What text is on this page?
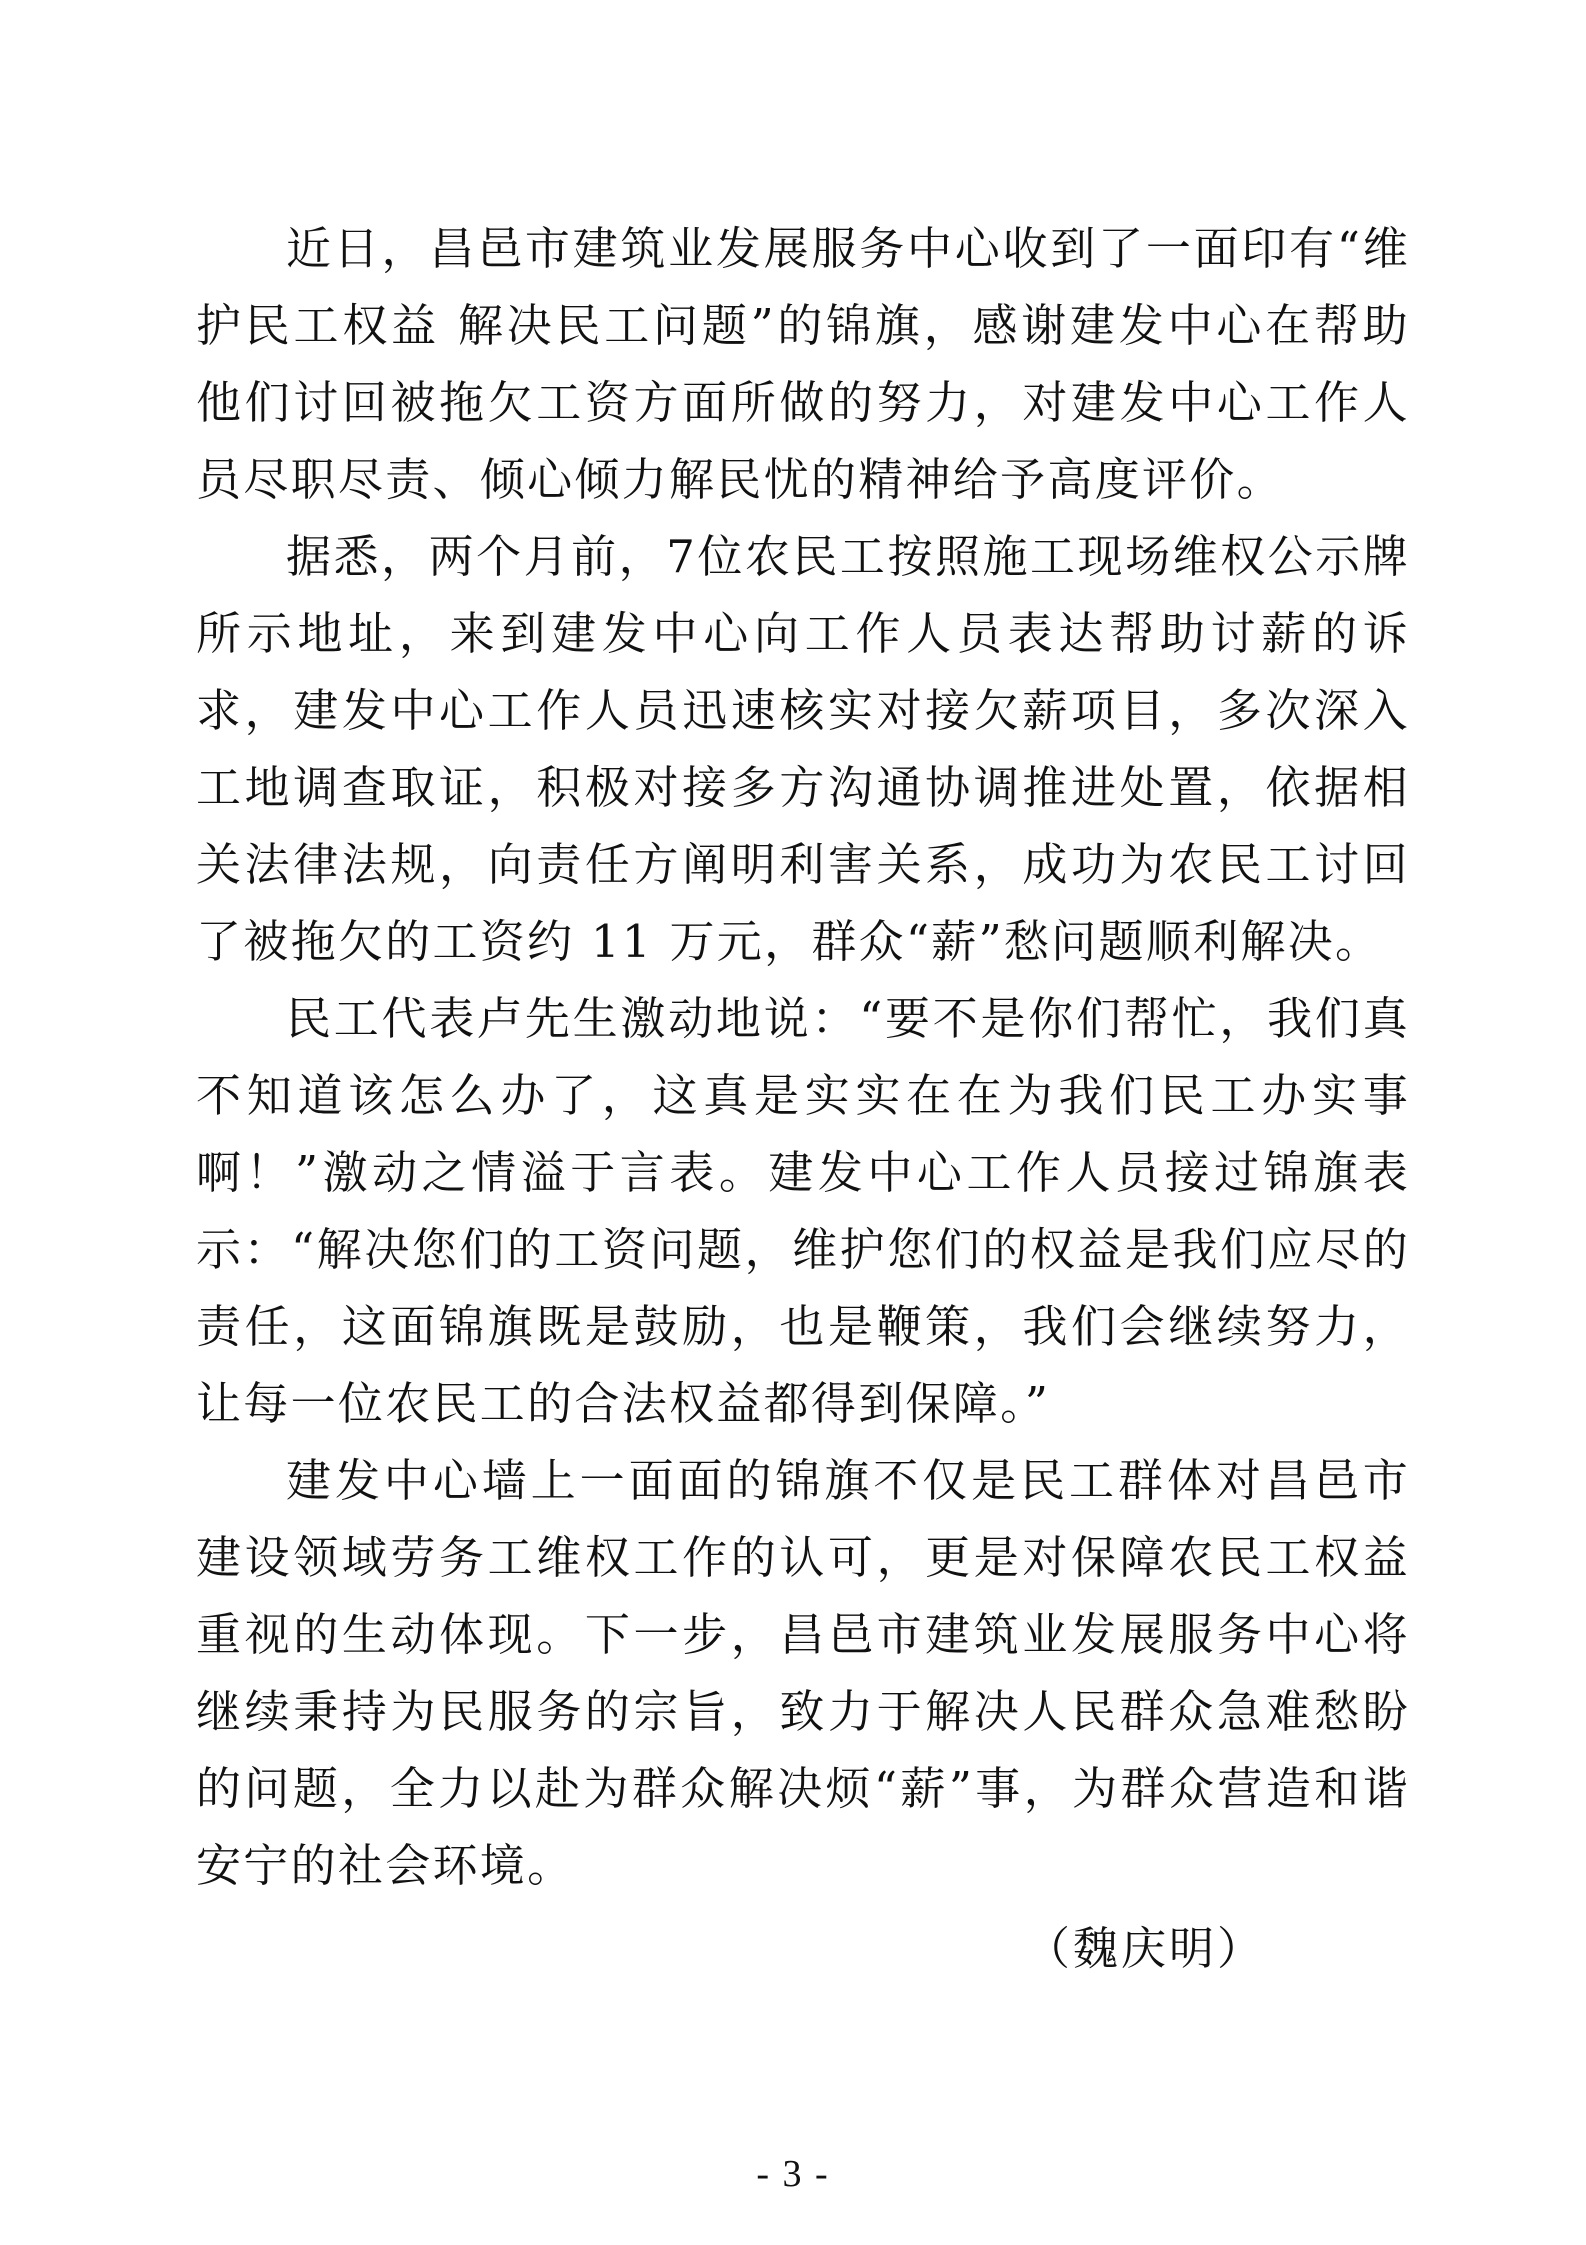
近日，昌邑市建筑业发展服务中心收到了一面印有“维护民工权益 解决民工问题”的锦旗，感谢建发中心在帮助他们讨回被拖欠工资方面所做的努力，对建发中心工作人员尽职尽责、倾心倾力解民忧的精神给予高度评价。

据悉，两个月前，7位农民工按照施工现场维权公示牌所示地址，来到建发中心向工作人员表达帮助讨薪的诉求，建发中心工作人员迅速核实对接欠薪项目，多次深入工地调查取证，积极对接多方沟通协调推进处置，依据相关法律法规，向责任方阐明利害关系，成功为农民工讨回了被拖欠的工资约 11 万元，群众“薪”愁问题顺利解决。

民工代表卢先生激动地说：“要不是你们帮忙，我们真不知道该怎么办了，这真是实实在在为我们民工办实事啊！”激动之情溢于言表。建发中心工作人员接过锦旗表示：“解决您们的工资问题，维护您们的权益是我们应尽的责任，这面锦旗既是鼓励，也是鞭策，我们会继续努力，让每一位农民工的合法权益都得到保障。”

建发中心墙上一面面的锦旗不仅是民工群体对昌邑市建设领域劳务工维权工作的认可，更是对保障农民工权益重视的生动体现。下一步，昌邑市建筑业发展服务中心将继续秉持为民服务的宗旨，致力于解决人民群众急难愁盼的问题，全力以赴为群众解决烦“薪”事，为群众营造和谐安宁的社会环境。

（魏庆明）

- 3 -
